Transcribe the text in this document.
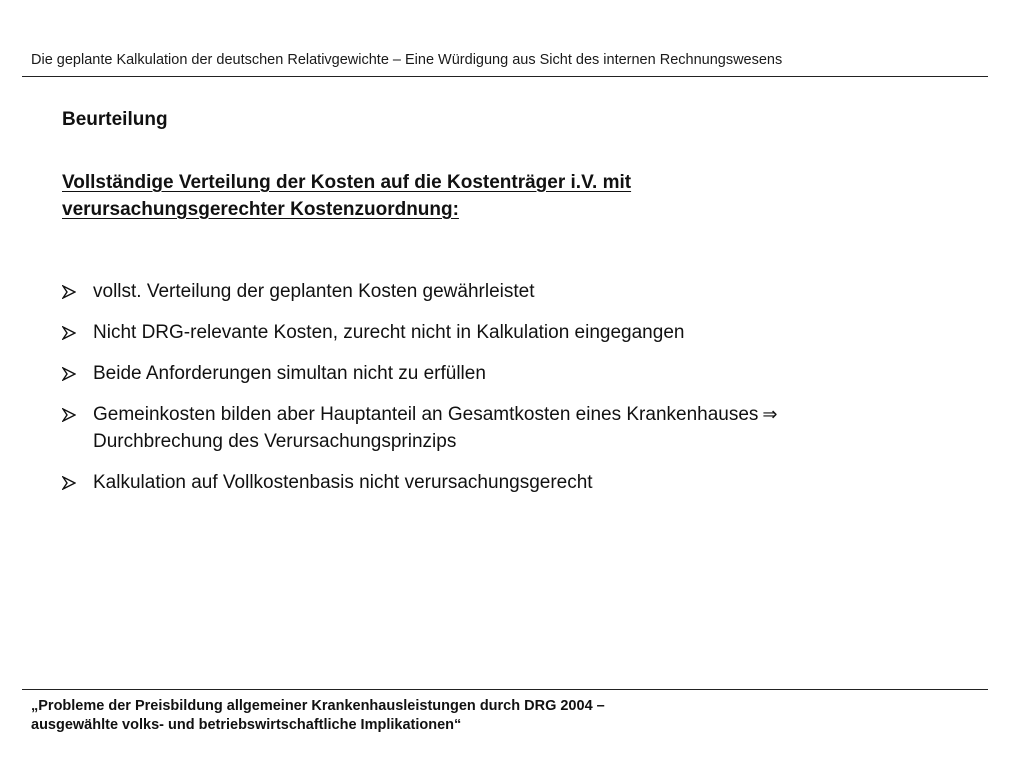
Die geplante Kalkulation der deutschen Relativgewichte – Eine Würdigung aus Sicht des internen Rechnungswesens
Beurteilung
Vollständige Verteilung der Kosten auf die Kostenträger i.V. mit verursachungsgerechter Kostenzuordnung:
vollst. Verteilung der geplanten Kosten gewährleistet
Nicht DRG-relevante Kosten, zurecht nicht in Kalkulation eingegangen
Beide Anforderungen simultan nicht zu erfüllen
Gemeinkosten bilden aber Hauptanteil an Gesamtkosten eines Krankenhauses ⇒
Durchbrechung des Verursachungsprinzips
Kalkulation auf Vollkostenbasis nicht verursachungsgerecht
„Probleme der Preisbildung allgemeiner Krankenhausleistungen durch DRG 2004 –
ausgewählte volks- und betriebswirtschaftliche Implikationen“
